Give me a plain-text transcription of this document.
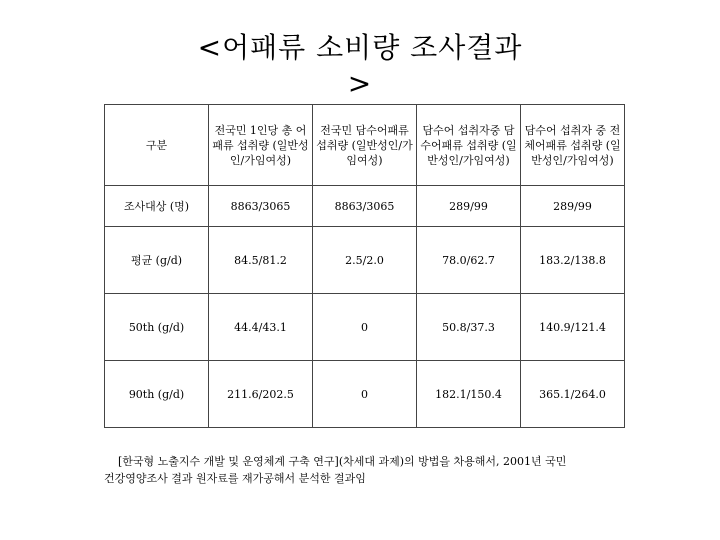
<어패류 소비량 조사결과
>
구분	전국민 1인당 총 어패류 섭취량 (일반성인/가임여성)	전국민 담수어패류 섭취량 (일반성인/가임여성)	담수어 섭취자중 담수어패류 섭취량 (일반성인/가임여성)	담수어 섭취자 중 전체어패류 섭취량 (일반성인/가임여성)
조사대상 (명)	8863/3065	8863/3065	289/99	289/99
평균 (g/d)	84.5/81.2	2.5/2.0	78.0/62.7	183.2/138.8
50th (g/d)	44.4/43.1	0	50.8/37.3	140.9/121.4
90th (g/d)	211.6/202.5	0	182.1/150.4	365.1/264.0
[한국형 노출지수 개발 및 운영체계 구축 연구](차세대 과제)의 방법을 차용해서, 2001년 국민
건강영양조사 결과 원자료를 재가공해서 분석한 결과임
